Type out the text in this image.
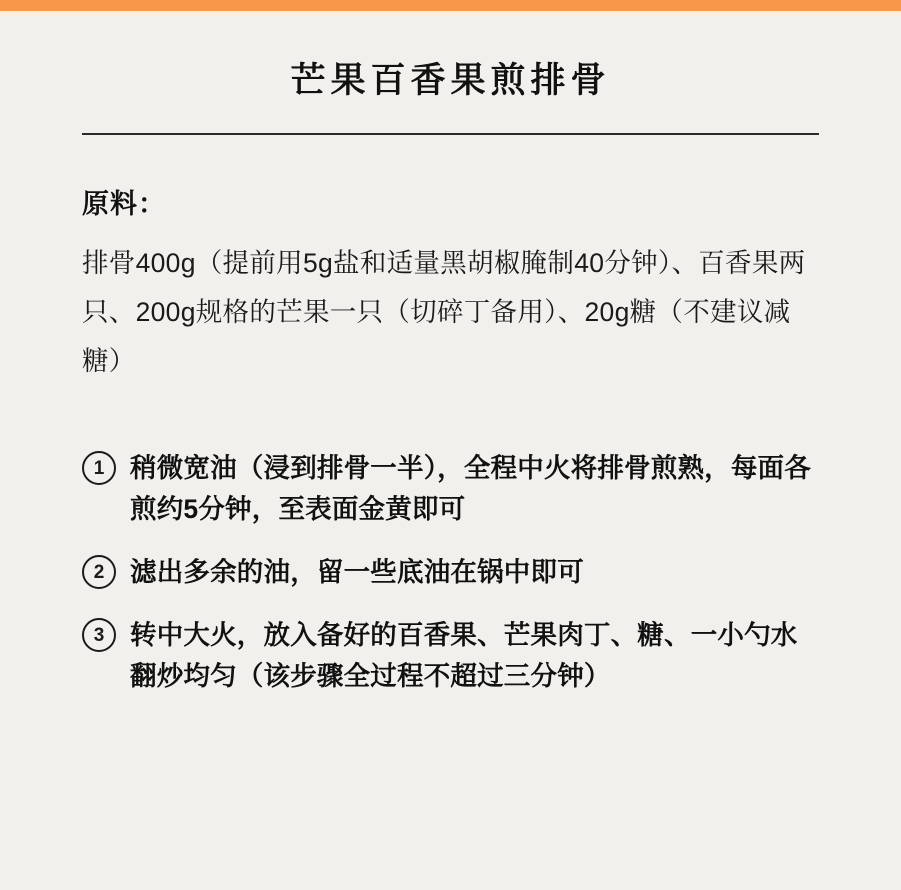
芒果百香果煎排骨

原料：

排骨400g（提前用5g盐和适量黑胡椒腌制40分钟）、百香果两只、200g规格的芒果一只（切碎丁备用）、20g糖（不建议减糖）

1 稍微宽油（浸到排骨一半），全程中火将排骨煎熟，每面各煎约5分钟，至表面金黄即可
2 滤出多余的油，留一些底油在锅中即可
3 转中大火，放入备好的百香果、芒果肉丁、糖、一小勺水翻炒均匀（该步骤全过程不超过三分钟）
